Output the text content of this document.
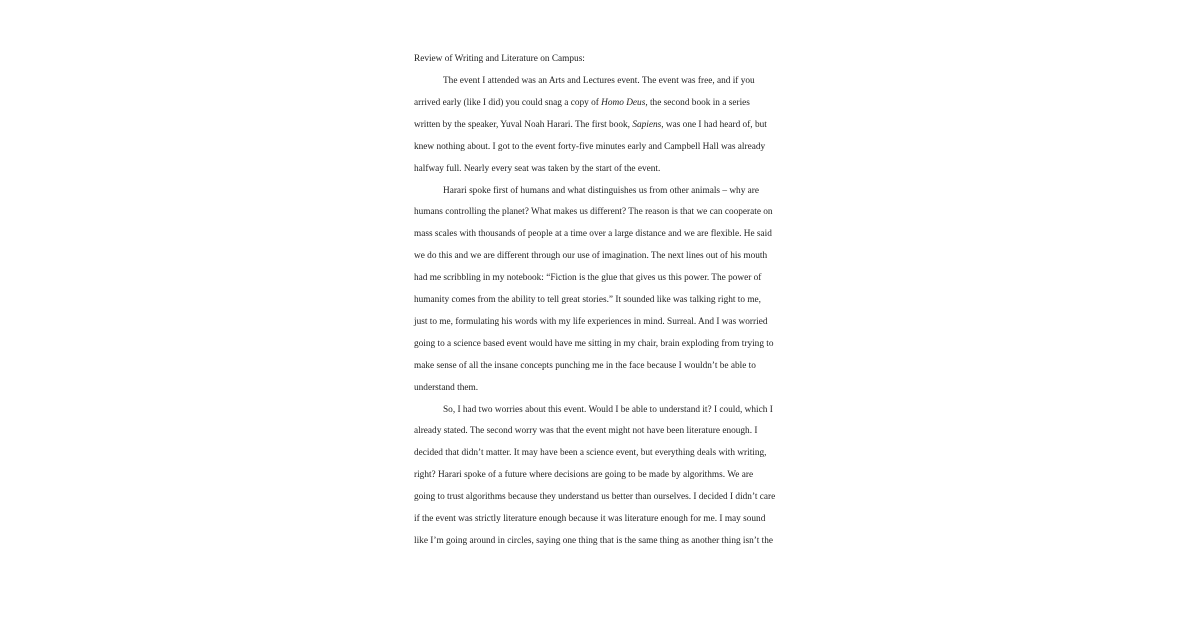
Review of Writing and Literature on Campus:
The event I attended was an Arts and Lectures event. The event was free, and if you
arrived early (like I did) you could snag a copy of Homo Deus, the second book in a series
written by the speaker, Yuval Noah Harari. The first book, Sapiens, was one I had heard of, but
knew nothing about. I got to the event forty-five minutes early and Campbell Hall was already
halfway full. Nearly every seat was taken by the start of the event.
Harari spoke first of humans and what distinguishes us from other animals – why are
humans controlling the planet? What makes us different? The reason is that we can cooperate on
mass scales with thousands of people at a time over a large distance and we are flexible. He said
we do this and we are different through our use of imagination. The next lines out of his mouth
had me scribbling in my notebook: “Fiction is the glue that gives us this power. The power of
humanity comes from the ability to tell great stories.” It sounded like was talking right to me,
just to me, formulating his words with my life experiences in mind. Surreal. And I was worried
going to a science based event would have me sitting in my chair, brain exploding from trying to
make sense of all the insane concepts punching me in the face because I wouldn’t be able to
understand them.
So, I had two worries about this event. Would I be able to understand it? I could, which I
already stated. The second worry was that the event might not have been literature enough. I
decided that didn’t matter. It may have been a science event, but everything deals with writing,
right? Harari spoke of a future where decisions are going to be made by algorithms. We are
going to trust algorithms because they understand us better than ourselves. I decided I didn’t care
if the event was strictly literature enough because it was literature enough for me. I may sound
like I’m going around in circles, saying one thing that is the same thing as another thing isn’t the
